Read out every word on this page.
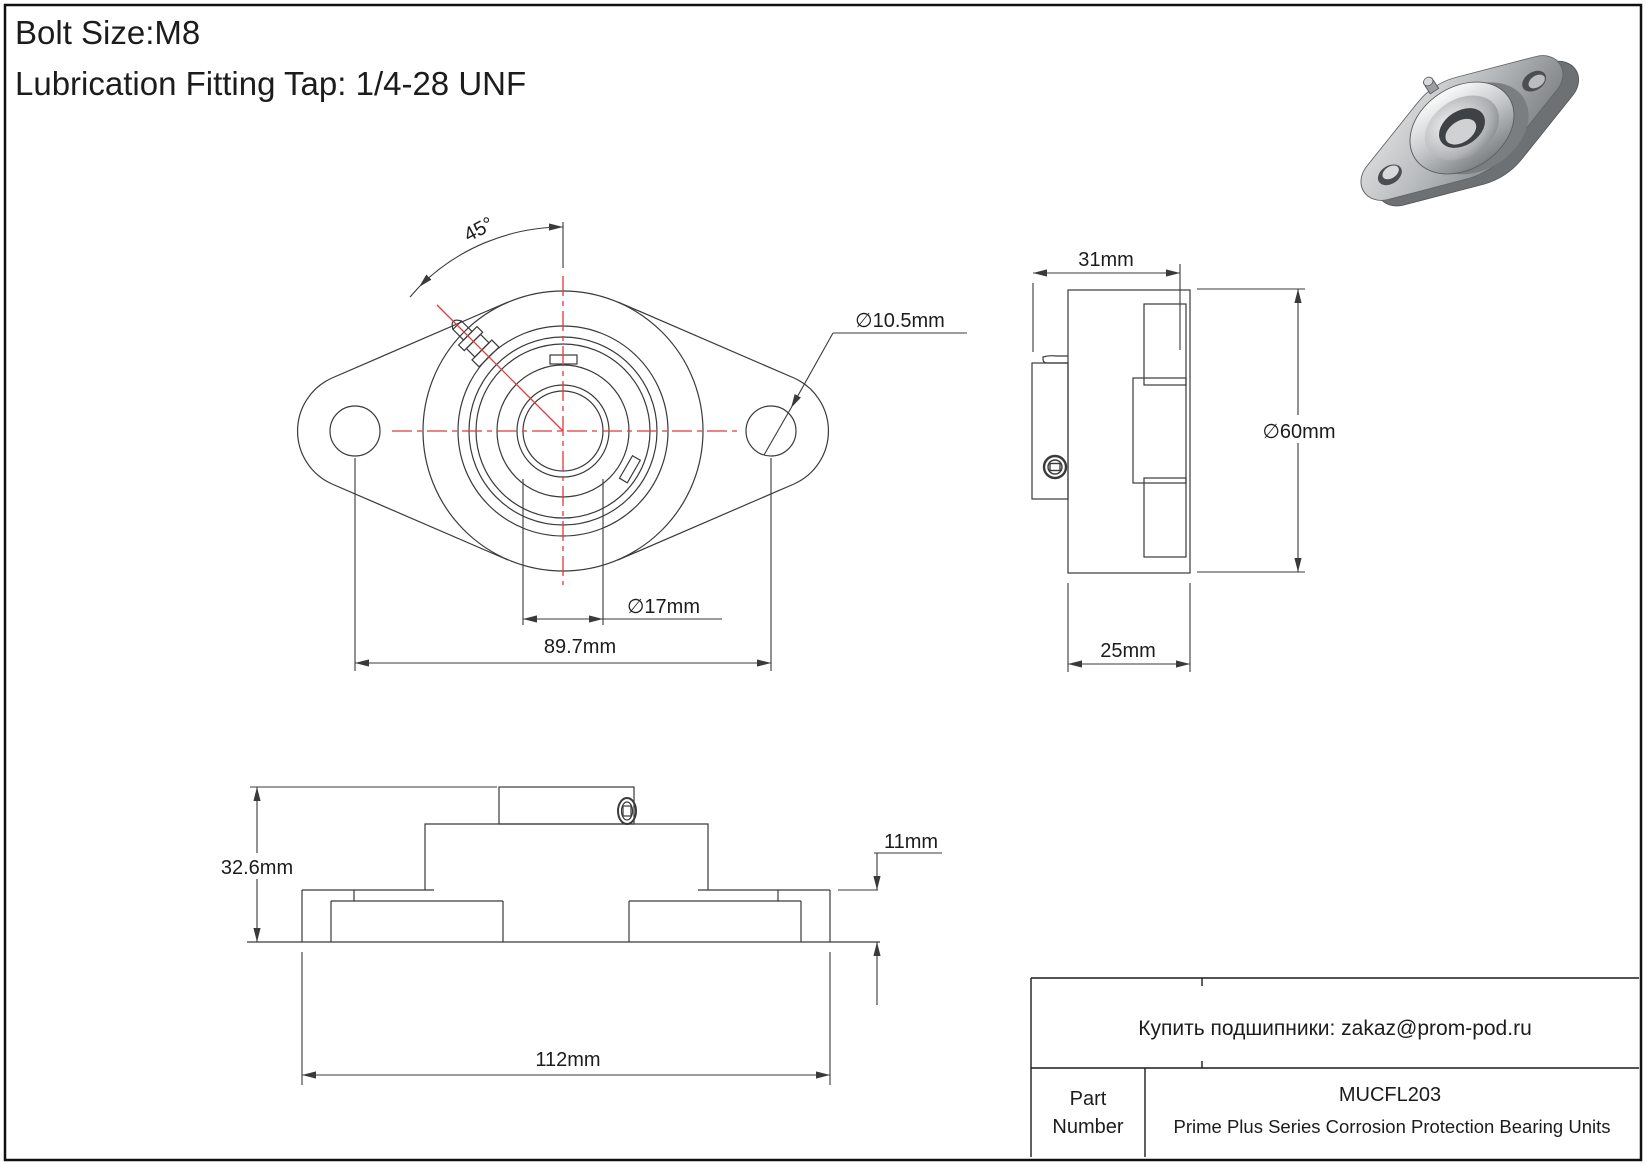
Bolt Size:M8
Lubrication Fitting Tap: 1/4-28 UNF
45°
∅10.5mm
∅17mm
89.7mm
31mm
∅60mm
25mm
32.6mm
11mm
112mm
Купить подшипники: zakaz@prom-pod.ru
Part
Number
MUCFL203
Prime Plus Series Corrosion Protection Bearing Units
